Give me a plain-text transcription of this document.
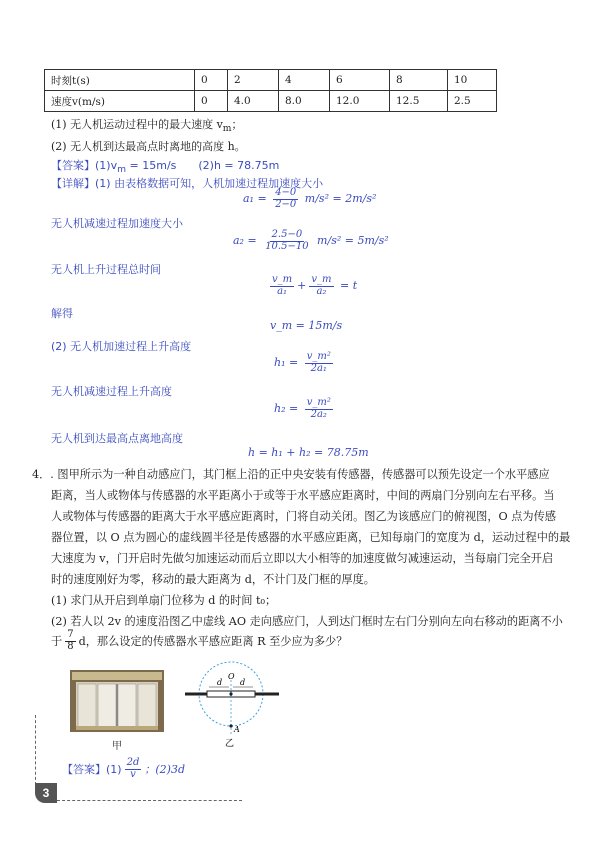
时刻t(s)	0	2	4	6	8	10
速度v(m/s)	0	4.0	8.0	12.0	12.5	2.5
(1) 无人机运动过程中的最大速度 $v_m$；
(2) 无人机到达最高点时离地的高度 h。
【答案】$(1)v_m = 15m/s$　　(2)h = 78.75m
【详解】(1) 由表格数据可知，人机加速过程加速度大小
$a_1 = \frac{4-0}{2-0} m/s^2 = 2m/s^2$
无人机减速过程加速度大小
$a_2 = \frac{2.5-0}{10.5-10} m/s^2 = 5m/s^2$
无人机上升过程总时间
$\frac{v\_m}{\text{a₁}} + \frac{v\_m}{\text{a₂}} = t$
解得
v_m = 15m/s
(2) 无人机加速过程上升高度
$h_1 = \frac{\text{v\_m²}}{\text{2a₁}}$
无人机减速过程上升高度
$h_2 = \frac{\text{v\_m²}}{\text{2a₂}}$
无人机到达最高点离地高度
h = h₁ + h₂ = 78.75m
4．. 图甲所示为一种自动感应门，其门框上沿的正中央安装有传感器，传感器可以预先设定一个水平感应
距离，当人或物体与传感器的水平距离小于或等于水平感应距离时，中间的两扇门分别向左右平移。当
人或物体与传感器的距离大于水平感应距离时，门将自动关闭。图乙为该感应门的俯视图，O 点为传感
器位置，以 O 点为圆心的虚线圆半径是传感器的水平感应距离，已知每扇门的宽度为 d，运动过程中的最
大速度为 v，门开启时先做匀加速运动而后立即以大小相等的加速度做匀减速运动，当每扇门完全开启
时的速度刚好为零，移动的最大距离为 d，不计门及门框的厚度。
(1) 求门从开启到单扇门位移为 d 的时间 t₀；
(2) 若人以 2v 的速度沿图乙中虚线 AO 走向感应门，人到达门框时左右门分别向左向右移动的距离不小
于 $\frac{7}{8}$ d，那么设定的传感器水平感应距离 R 至少应为多少？
甲
d d
O
A
乙
【答案】$(1) \frac{2d}{v}$ ；(2)3d
3
